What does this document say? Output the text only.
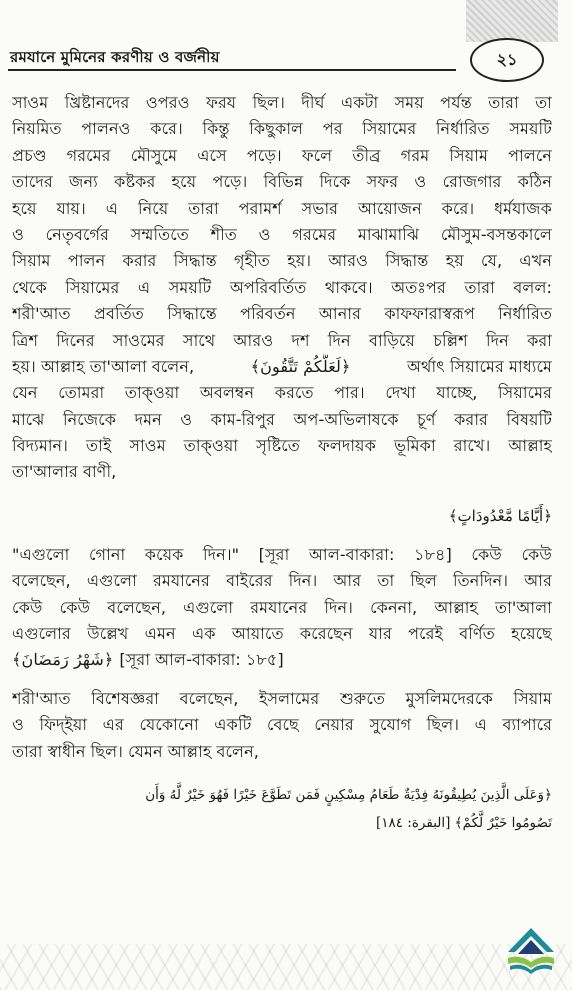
রমযানে মুমিনের করণীয় ও বর্জনীয়	২১
সাওম খ্রিষ্টানদের ওপরও ফরয ছিল। দীর্ঘ একটা সময় পর্যন্ত তারা তা
নিয়মিত পালনও করে। কিন্তু কিছুকাল পর সিয়ামের নির্ধারিত সময়টি
প্রচণ্ড গরমের মৌসুমে এসে পড়ে। ফলে তীব্র গরম সিয়াম পালনে
তাদের জন্য কষ্টকর হয়ে পড়ে। বিভিন্ন দিকে সফর ও রোজগার কঠিন
হয়ে যায়। এ নিয়ে তারা পরামর্শ সভার আয়োজন করে। ধর্মযাজক
ও নেতৃবর্গের সম্মতিতে শীত ও গরমের মাঝামাঝি মৌসুম-বসন্তকালে
সিয়াম পালন করার সিদ্ধান্ত গৃহীত হয়। আরও সিদ্ধান্ত হয় যে, এখন
থেকে সিয়ামের এ সময়টি অপরিবর্তিত থাকবে। অতঃপর তারা বলল:
শরী'আত প্রবর্তিত সিদ্ধান্তে পরিবর্তন আনার কাফফারাস্বরূপ নির্ধারিত
ত্রিশ দিনের সাওমের সাথে আরও দশ দিন বাড়িয়ে চল্লিশ দিন করা
হয়। আল্লাহ তা'আলা বলেন,	﴿لَعَلَّكُمْ تَتَّقُونَ﴾	অর্থাৎ সিয়ামের মাধ্যমে
যেন তোমরা তাক্ওয়া অবলম্বন করতে পার। দেখা যাচ্ছে, সিয়ামের
মাঝে নিজেকে দমন ও কাম-রিপুর অপ-অভিলাষকে চূর্ণ করার বিষয়টি
বিদ্যমান। তাই সাওম তাক্ওয়া সৃষ্টিতে ফলদায়ক ভূমিকা রাখে। আল্লাহ
তা'আলার বাণী,
﴿أَيَّامًا مَّعْدُودَاتٍ﴾
"এগুলো গোনা কয়েক দিন।" [সূরা আল-বাকারা: ১৮৪] কেউ কেউ
বলেছেন, এগুলো রমযানের বাইরের দিন। আর তা ছিল তিনদিন। আর
কেউ কেউ বলেছেন, এগুলো রমযানের দিন। কেননা, আল্লাহ তা'আলা
এগুলোর উল্লেখ এমন এক আয়াতে করেছেন যার পরেই বর্ণিত হয়েছে
﴿شَهْرُ رَمَضَانَ﴾ [সূরা আল-বাকারা: ১৮৫]
শরী'আত বিশেষজ্ঞরা বলেছেন, ইসলামের শুরুতে মুসলিমদেরকে সিয়াম
ও ফিদ্ইয়া এর যেকোনো একটি বেছে নেয়ার সুযোগ ছিল। এ ব্যাপারে
তারা স্বাধীন ছিল। যেমন আল্লাহ বলেন,
﴿وَعَلَى الَّذِينَ يُطِيقُونَهُ فِدْيَةٌ طَعَامُ مِسْكِينٍ فَمَن تَطَوَّعَ خَيْرًا فَهُوَ خَيْرٌ لَّهُ وَأَن
تَصُومُوا خَيْرٌ لَّكُمْ﴾ [البقرة: ١٨٤]
